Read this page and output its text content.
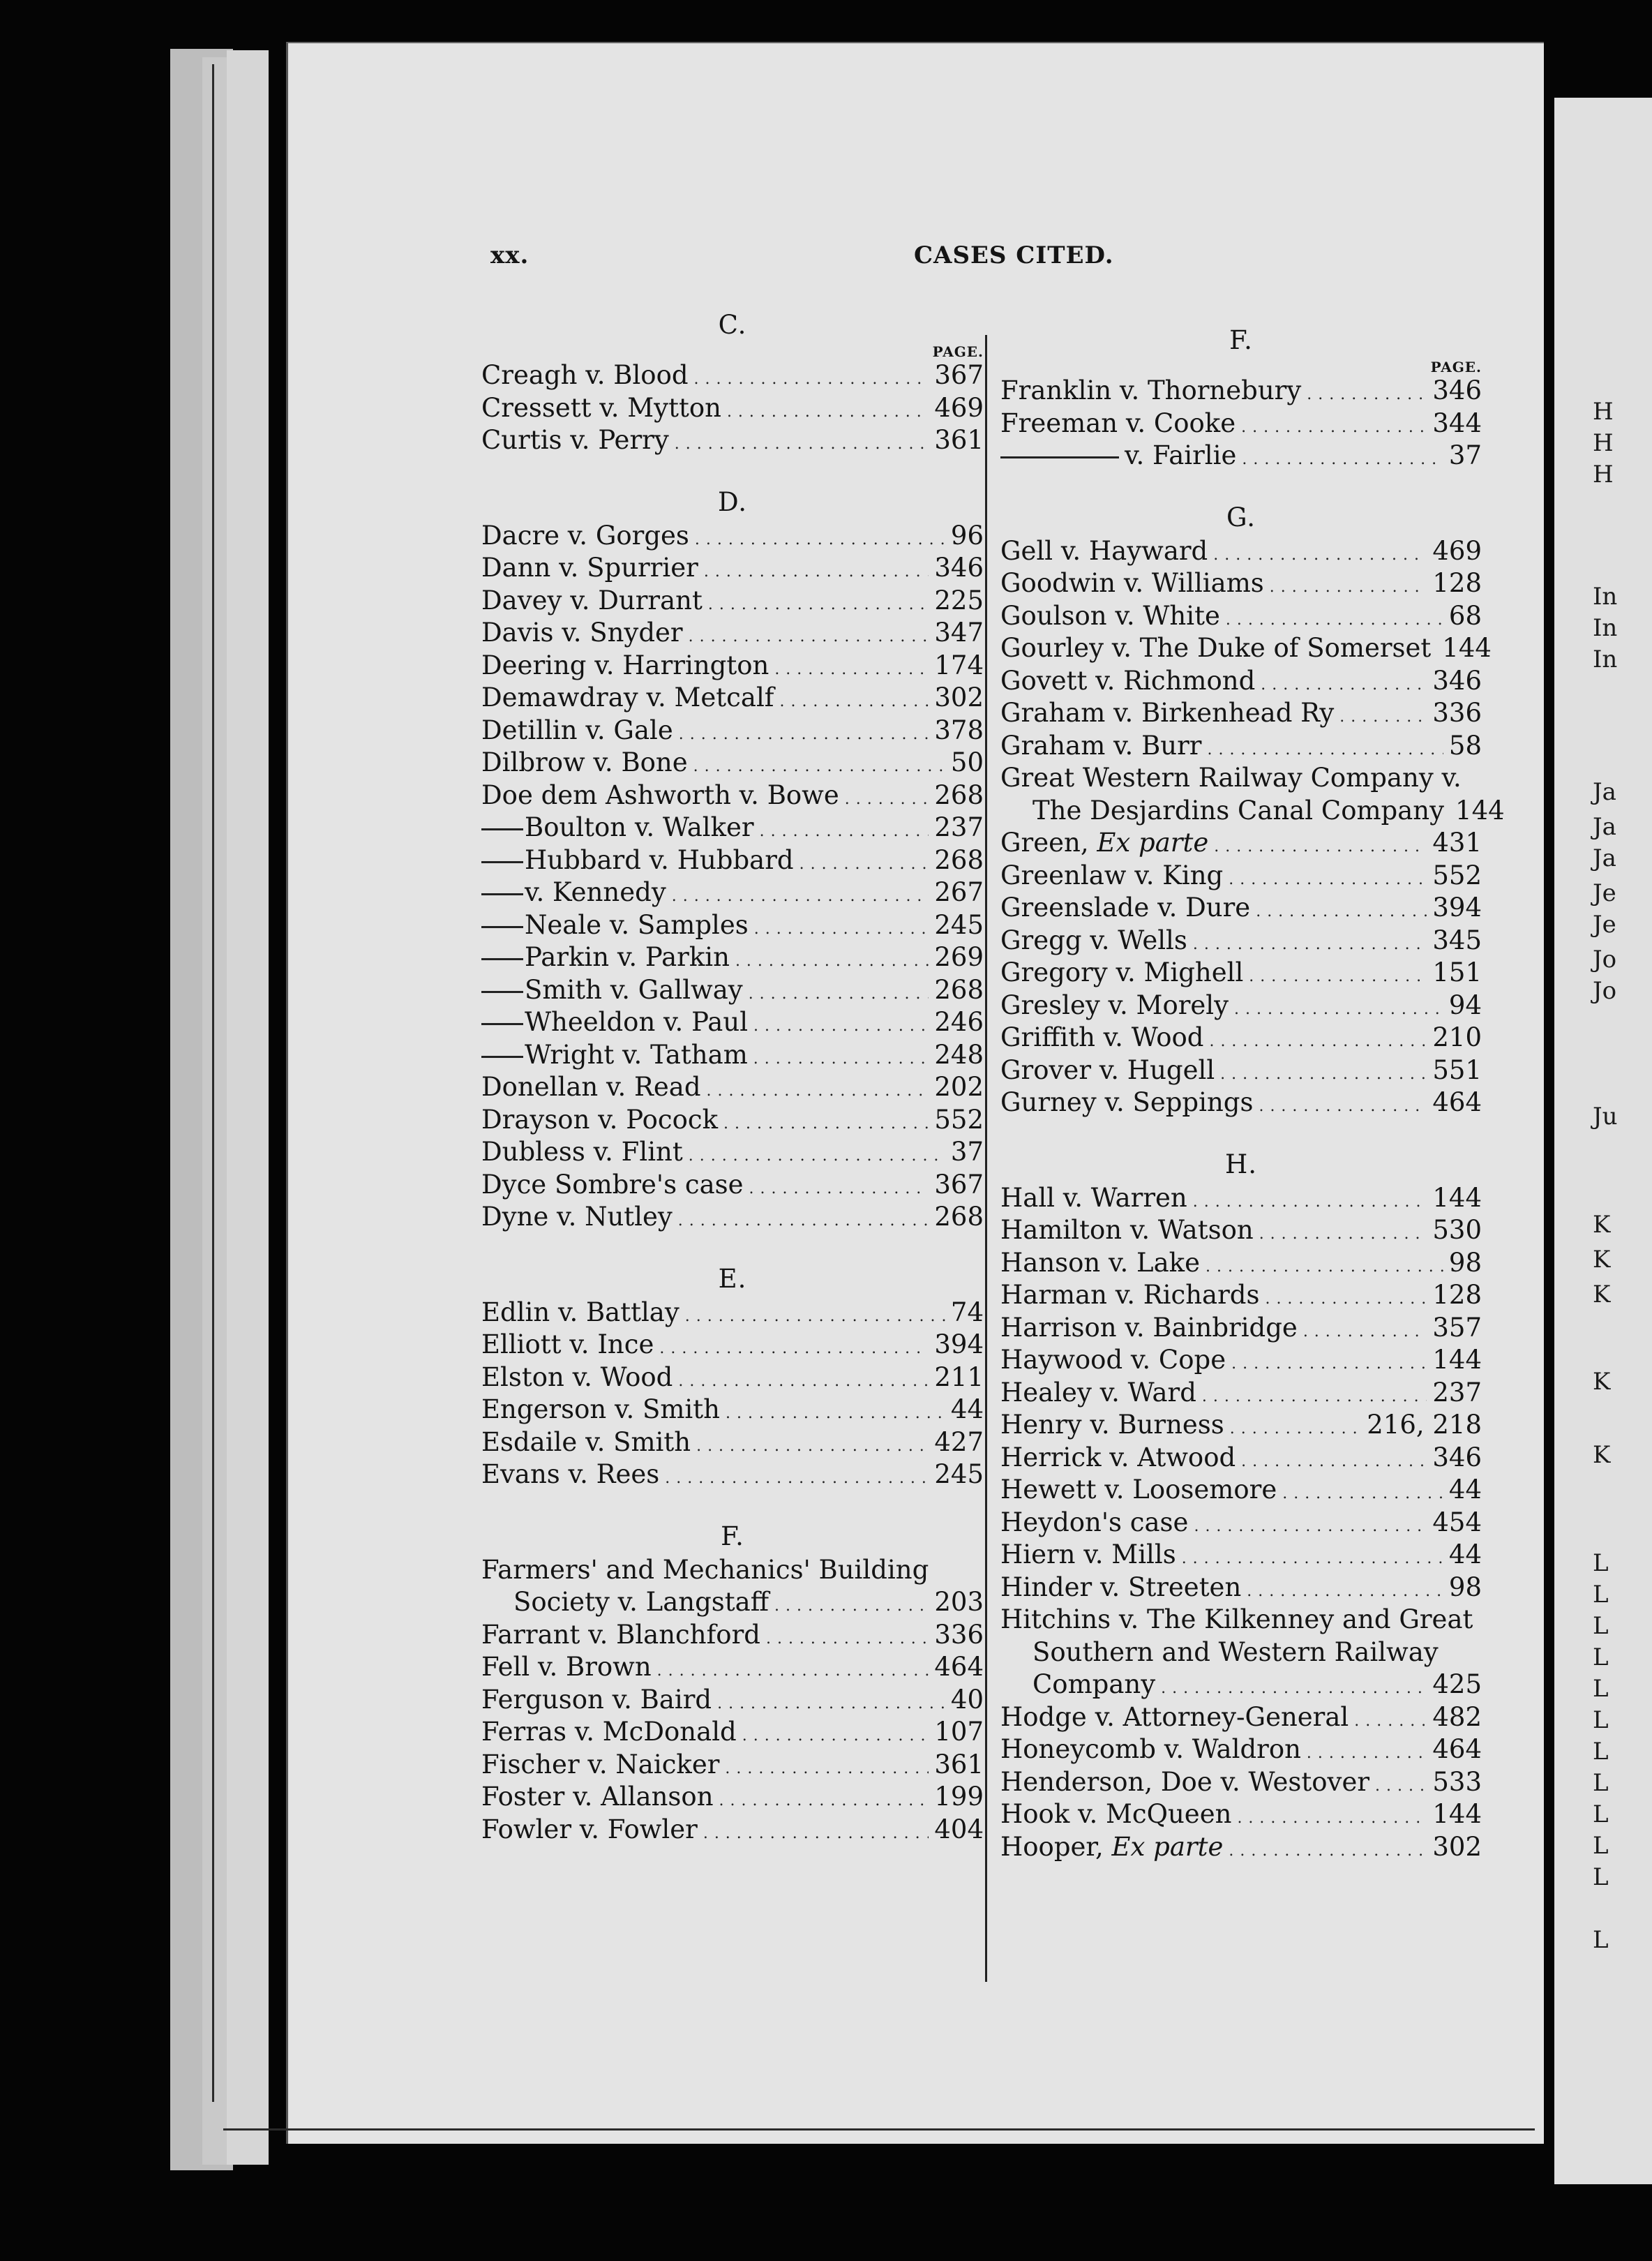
H
H
H
In
In
In
Ja
Ja
Ja
Je
Je
Jo
Jo
Ju
K
K
K
K
K
L
L
L
L
L
L
L
L
L
L
L
L
xx.	CASES CITED.
C.
PAGE.
Creagh v. Blood . . .	367
Cressett v. Mytton . . .	469
Curtis v. Perry . . .	361
D.
Dacre v. Gorges . . .	96
Dann v. Spurrier . . .	346
Davey v. Durrant . . .	225
Davis v. Snyder . . .	347
Deering v. Harrington . . .	174
Demawdray v. Metcalf . . .	302
Detillin v. Gale . . .	378
Dilbrow v. Bone . . .	50
Doe dem Ashworth v. Bowe . . .	268
Boulton v. Walker . . .	237
Hubbard v. Hubbard . . .	268
v. Kennedy . . .	267
Neale v. Samples . . .	245
Parkin v. Parkin . . .	269
Smith v. Gallway . . .	268
Wheeldon v. Paul . . .	246
Wright v. Tatham . . .	248
Donellan v. Read . . .	202
Drayson v. Pocock . . .	552
Dubless v. Flint . . .	37
Dyce Sombre's case . . .	367
Dyne v. Nutley . . .	268
E.
Edlin v. Battlay . . .	74
Elliott v. Ince . . .	394
Elston v. Wood . . .	211
Engerson v. Smith . . .	44
Esdaile v. Smith . . .	427
Evans v. Rees . . .	245
F.
Farmers' and Mechanics' Building
Society v. Langstaff . . .	203
Farrant v. Blanchford . . .	336
Fell v. Brown . . .	464
Ferguson v. Baird . . .	40
Ferras v. McDonald . . .	107
Fischer v. Naicker . . .	361
Foster v. Allanson . . .	199
Fowler v. Fowler . . .	404
F.
PAGE.
Franklin v. Thornebury . . .	346
Freeman v. Cooke . . .	344
v. Fairlie . . .	37
G.
Gell v. Hayward . . .	469
Goodwin v. Williams . . .	128
Goulson v. White . . .	68
Gourley v. The Duke of Somerset 144
Govett v. Richmond . . .	346
Graham v. Birkenhead Ry . . .	336
Graham v. Burr . . .	58
Great Western Railway Company v.
The Desjardins Canal Company 144
Green, Ex parte . . .	431
Greenlaw v. King . . .	552
Greenslade v. Dure . . .	394
Gregg v. Wells . . .	345
Gregory v. Mighell . . .	151
Gresley v. Morely . . .	94
Griffith v. Wood . . .	210
Grover v. Hugell . . .	551
Gurney v. Seppings . . .	464
H.
Hall v. Warren . . .	144
Hamilton v. Watson . . .	530
Hanson v. Lake . . .	98
Harman v. Richards . . .	128
Harrison v. Bainbridge . . .	357
Haywood v. Cope . . .	144
Healey v. Ward . . .	237
Henry v. Burness . . .	216, 218
Herrick v. Atwood . . .	346
Hewett v. Loosemore . . .	44
Heydon's case . . .	454
Hiern v. Mills . . .	44
Hinder v. Streeten . . .	98
Hitchins v. The Kilkenney and Great
Southern and Western Railway
Company . . .	425
Hodge v. Attorney-General . . .	482
Honeycomb v. Waldron . . .	464
Henderson, Doe v. Westover . . . 533
Hook v. McQueen . . .	144
Hooper, Ex parte . . .	302
